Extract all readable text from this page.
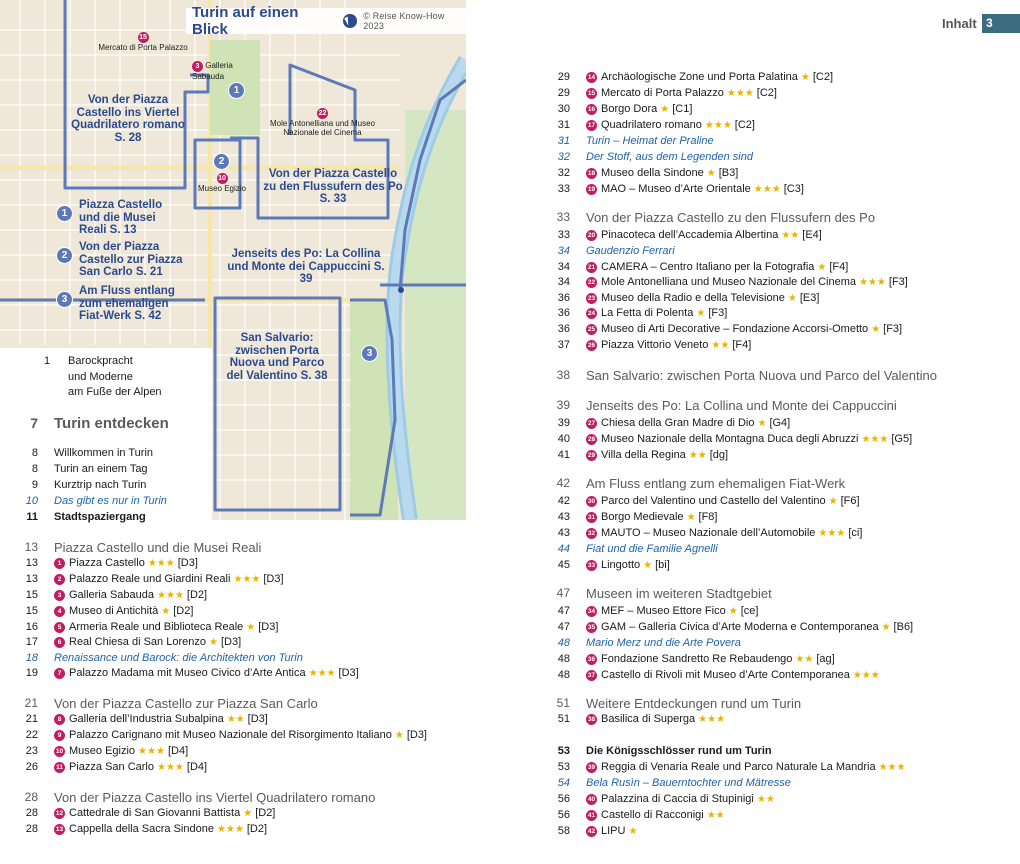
Turin auf einen Blick
© Reise Know-How 2023
15
Mercato di Porta Palazzo
3 Galleria Sabauda
22
Mole Antonelliana und Museo Nazionale del Cinema
10
Museo Egizio
1
2
3
Von der Piazza Castello ins Viertel Quadrilatero romano S. 28
Von der Piazza Castello zu den Flussufern des Po S. 33
Jenseits des Po: La Collina und Monte dei Cappuccini S. 39
San Salvario: zwischen Porta Nuova und Parco del Valentino S. 38
1
Piazza Castello und die Musei Reali S. 13
2
Von der Piazza Castello zur Piazza San Carlo S. 21
3
Am Fluss entlang zum ehemaligen Fiat-Werk S. 42
Inhalt 3
1 Barockpracht
und Moderne
am Fuße der Alpen
7 Turin entdecken
8 Willkommen in Turin
8 Turin an einem Tag
9 Kurztrip nach Turin
10 Das gibt es nur in Turin
11 Stadtspaziergang
13 Piazza Castello und die Musei Reali
13	1 Piazza Castello ★★★ [D3]
13	2 Palazzo Reale und Giardini Reali ★★★ [D3]
15	3 Galleria Sabauda ★★★ [D2]
15	4 Museo di Antichità ★ [D2]
16	5 Armeria Reale und Biblioteca Reale ★ [D3]
17	6 Real Chiesa di San Lorenzo ★ [D3]
18 Renaissance und Barock: die Architekten von Turin
19	7 Palazzo Madama mit Museo Civico d’Arte Antica ★★★ [D3]
21 Von der Piazza Castello zur Piazza San Carlo
21	8 Galleria dell’Industria Subalpina ★★ [D3]
22	9 Palazzo Carignano mit Museo Nazionale del Risorgimento Italiano ★ [D3]
23	10 Museo Egizio ★★★ [D4]
26	11 Piazza San Carlo ★★★ [D4]
28 Von der Piazza Castello ins Viertel Quadrilatero romano
28	12 Cattedrale di San Giovanni Battista ★ [D2]
28	13 Cappella della Sacra Sindone ★★★ [D2]
29	14 Archäologische Zone und Porta Palatina ★ [C2]
29	15 Mercato di Porta Palazzo ★★★ [C2]
30	16 Borgo Dora ★ [C1]
31	17 Quadrilatero romano ★★★ [C2]
31 Turin – Heimat der Praline
32 Der Stoff, aus dem Legenden sind
32	18 Museo della Sindone ★ [B3]
33	19 MAO – Museo d’Arte Orientale ★★★ [C3]
33 Von der Piazza Castello zu den Flussufern des Po
33	20 Pinacoteca dell’Accademia Albertina ★★ [E4]
34 Gaudenzio Ferrari
34	21 CAMERA – Centro Italiano per la Fotografia ★ [F4]
34	22 Mole Antonelliana und Museo Nazionale del Cinema ★★★ [F3]
36	23 Museo della Radio e della Televisione ★ [E3]
36	24 La Fetta di Polenta ★ [F3]
36	25 Museo di Arti Decorative – Fondazione Accorsi-Ometto ★ [F3]
37	26 Piazza Vittorio Veneto ★★ [F4]
38 San Salvario: zwischen Porta Nuova und Parco del Valentino
39 Jenseits des Po: La Collina und Monte dei Cappuccini
39	27 Chiesa della Gran Madre di Dio ★ [G4]
40	28 Museo Nazionale della Montagna Duca degli Abruzzi ★★★ [G5]
41	29 Villa della Regina ★★ [dg]
42 Am Fluss entlang zum ehemaligen Fiat-Werk
42	30 Parco del Valentino und Castello del Valentino ★ [F6]
43	31 Borgo Medievale ★ [F8]
43	32 MAUTO – Museo Nazionale dell’Automobile ★★★ [ci]
44 Fiat und die Familie Agnelli
45	33 Lingotto ★ [bi]
47 Museen im weiteren Stadtgebiet
47	34 MEF – Museo Ettore Fico ★ [ce]
47	35 GAM – Galleria Civica d’Arte Moderna e Contemporanea ★ [B6]
48 Mario Merz und die Arte Povera
48	36 Fondazione Sandretto Re Rebaudengo ★★ [ag]
48	37 Castello di Rivoli mit Museo d’Arte Contemporanea ★★★
51 Weitere Entdeckungen rund um Turin
51	38 Basilica di Superga ★★★
53 Die Königsschlösser rund um Turin
53	39 Reggia di Venaria Reale und Parco Naturale La Mandria ★★★
54 Bela Rusìn – Bauerntochter und Mätresse
56	40 Palazzina di Caccia di Stupinigi ★★
56	41 Castello di Racconigi ★★
58	42 LIPU ★
